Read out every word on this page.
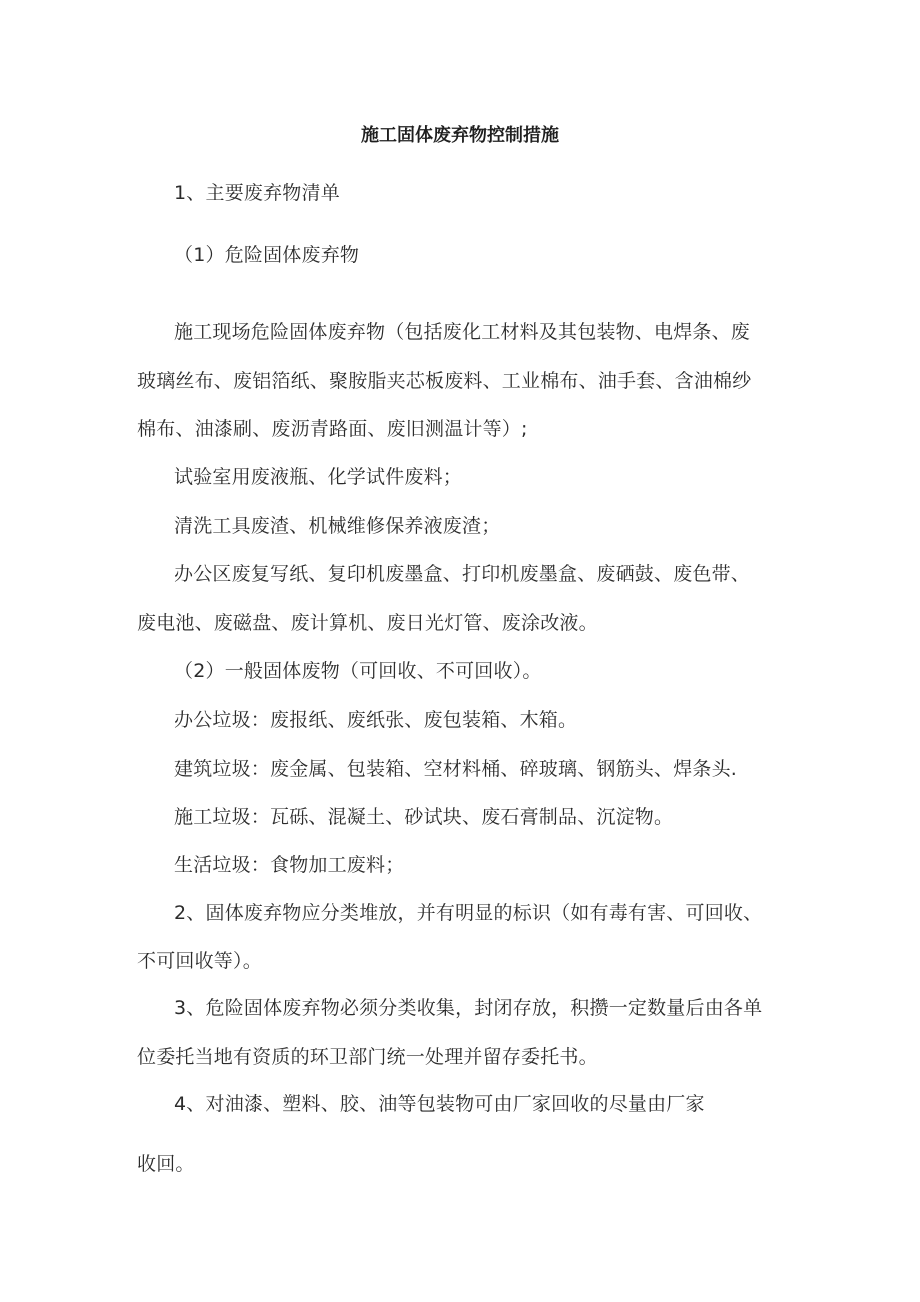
施工固体废弃物控制措施
1、主要废弃物清单
（1）危险固体废弃物
施工现场危险固体废弃物（包括废化工材料及其包装物、电焊条、废
玻璃丝布、废铝箔纸、聚胺脂夹芯板废料、工业棉布、油手套、含油棉纱
棉布、油漆刷、废沥青路面、废旧测温计等）;
试验室用废液瓶、化学试件废料；
清洗工具废渣、机械维修保养液废渣；
办公区废复写纸、复印机废墨盒、打印机废墨盒、废硒鼓、废色带、
废电池、废磁盘、废计算机、废日光灯管、废涂改液。
（2）一般固体废物（可回收、不可回收）。
办公垃圾：废报纸、废纸张、废包装箱、木箱。
建筑垃圾：废金属、包装箱、空材料桶、碎玻璃、钢筋头、焊条头.
施工垃圾：瓦砾、混凝土、砂试块、废石膏制品、沉淀物。
生活垃圾：食物加工废料；
2、固体废弃物应分类堆放，并有明显的标识（如有毒有害、可回收、
不可回收等）。
3、危险固体废弃物必须分类收集，封闭存放，积攒一定数量后由各单
位委托当地有资质的环卫部门统一处理并留存委托书。
4、对油漆、塑料、胶、油等包装物可由厂家回收的尽量由厂家
收回。
